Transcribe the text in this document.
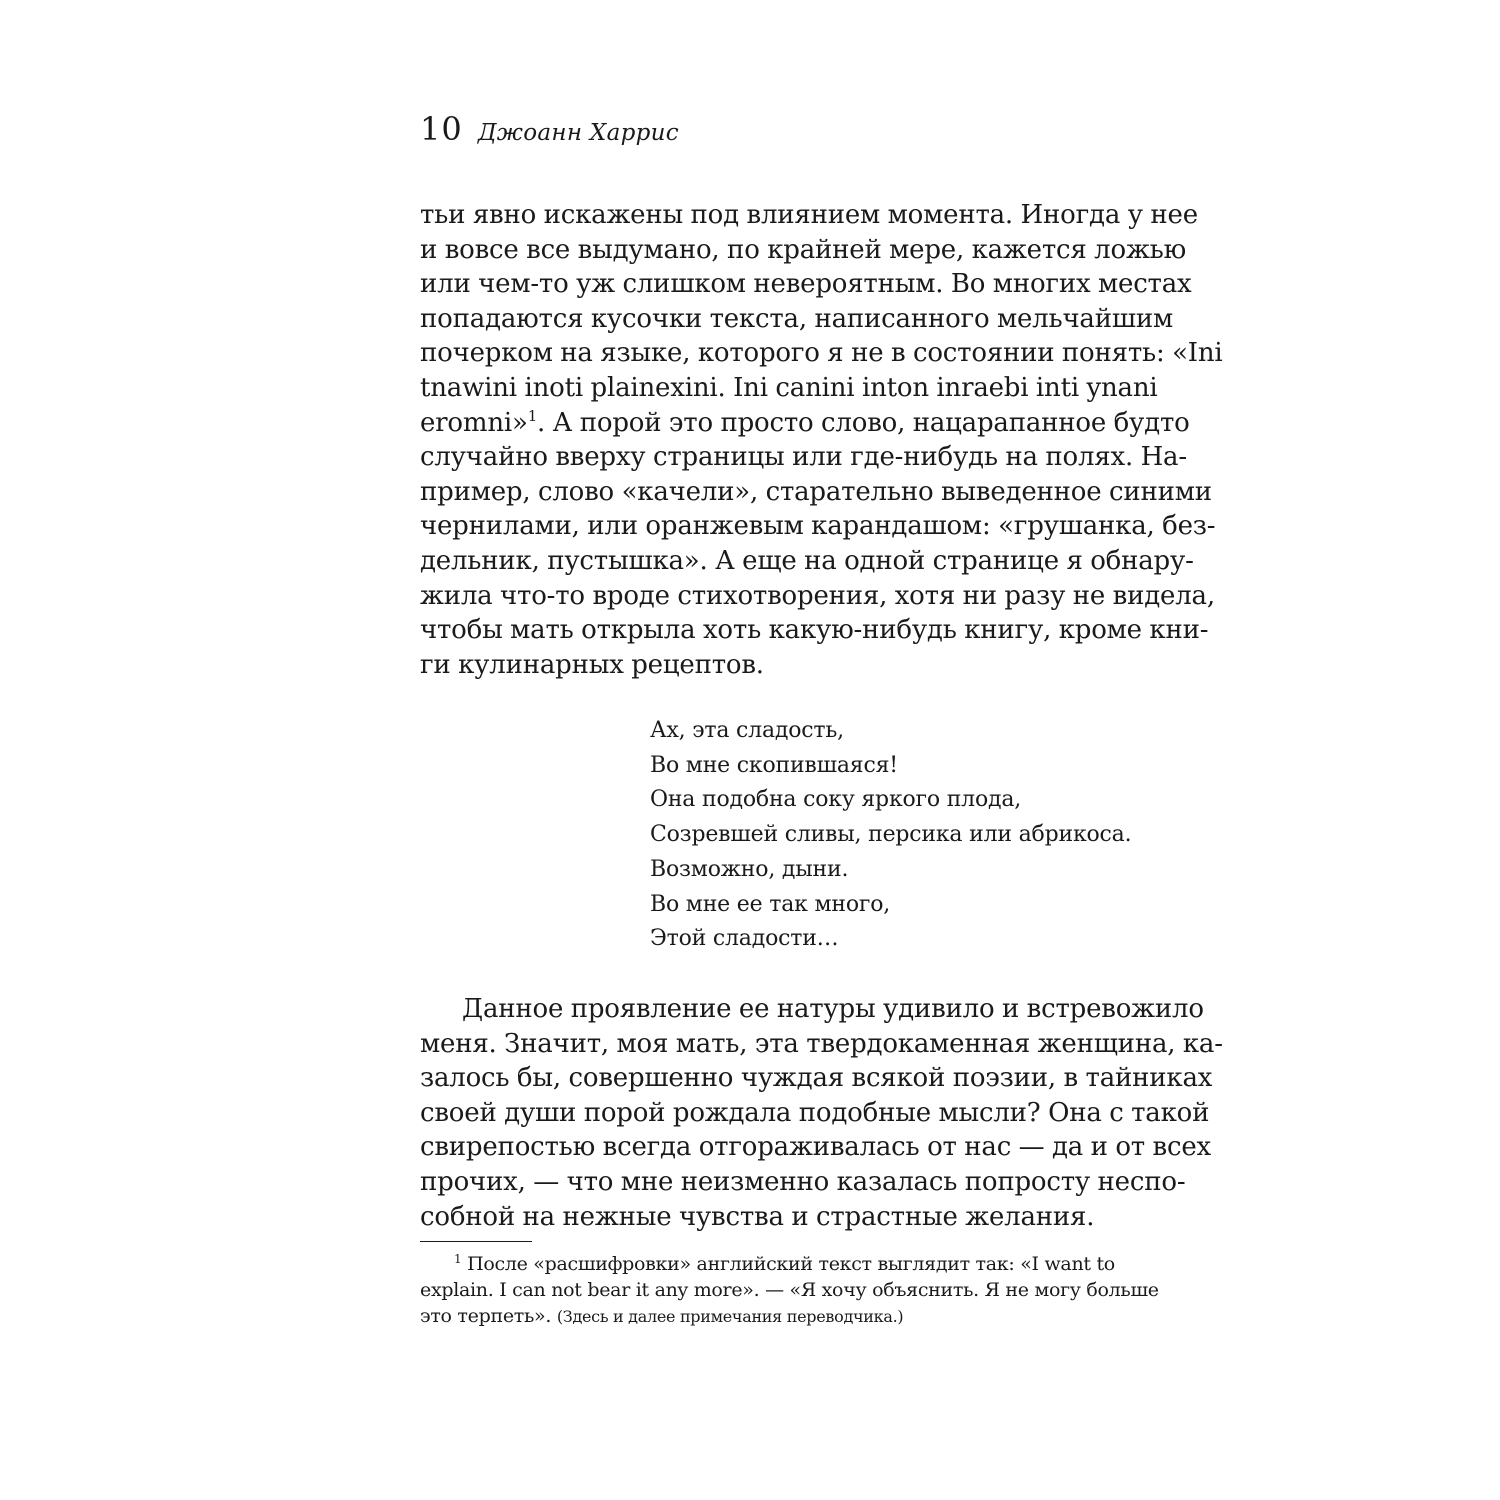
10 Джоанн Харрис
тьи явно искажены под влиянием момента. Иногда у нее
и вовсе все выдумано, по крайней мере, кажется ложью
или чем-то уж слишком невероятным. Во многих местах
попадаются кусочки текста, написанного мельчайшим
почерком на языке, которого я не в состоянии понять: «Ini
tnawini inoti plainexini. Ini canini inton inraebi inti ynani
eromni»$^1$. А порой это просто слово, нацарапанное будто
случайно вверху страницы или где-нибудь на полях. На-
пример, слово «качели», старательно выведенное синими
чернилами, или оранжевым карандашом: «грушанка, без-
дельник, пустышка». А еще на одной странице я обнару-
жила что-то вроде стихотворения, хотя ни разу не видела,
чтобы мать открыла хоть какую-нибудь книгу, кроме кни-
ги кулинарных рецептов.
Ах, эта сладость,
Во мне скопившаяся!
Она подобна соку яркого плода,
Созревшей сливы, персика или абрикоса.
Возможно, дыни.
Во мне ее так много,
Этой сладости…
Данное проявление ее натуры удивило и встревожило
меня. Значит, моя мать, эта твердокаменная женщина, ка-
залось бы, совершенно чуждая всякой поэзии, в тайниках
своей души порой рождала подобные мысли? Она с такой
свирепостью всегда отгораживалась от нас — да и от всех
прочих, — что мне неизменно казалась попросту неспо-
собной на нежные чувства и страстные желания.
$^1$ После «расшифровки» английский текст выглядит так: «I want to
explain. I can not bear it any more». — «Я хочу объяснить. Я не могу больше
это терпеть». (Здесь и далее примечания переводчика.)
